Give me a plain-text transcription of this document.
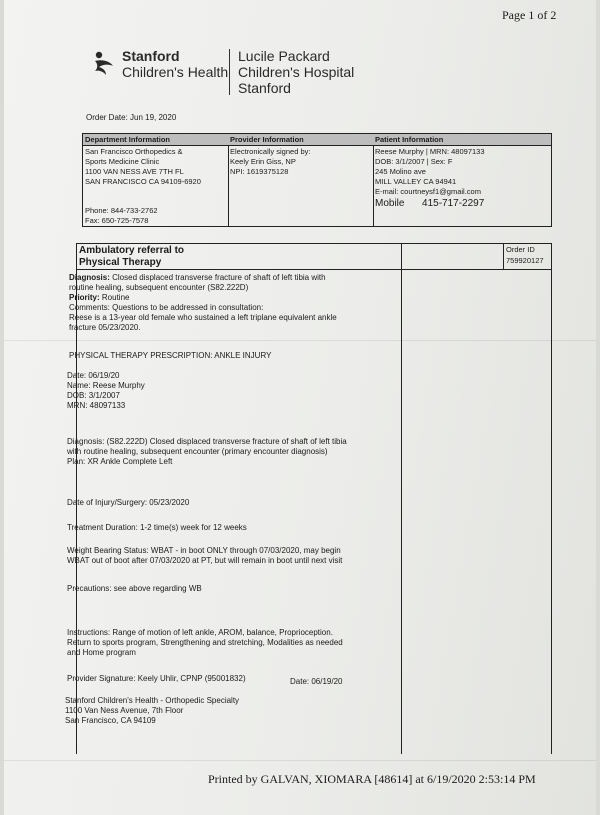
Page 1 of 2
Stanford
Children's Health
Lucile Packard
Children's Hospital
Stanford
Order Date: Jun 19, 2020
Department Information
San Francisco Orthopedics &
Sports Medicine Clinic
1100 VAN NESS AVE 7TH FL
SAN FRANCISCO CA 94109-6920
Phone: 844-733-2762
Fax: 650-725-7578
Provider Information
Electronically signed by:
Keely Erin Giss, NP
NPI: 1619375128
Patient Information
Reese Murphy | MRN: 48097133
DOB: 3/1/2007 | Sex: F
245 Molino ave
MILL VALLEY CA 94941
E-mail: courtneysf1@gmail.com
Mobile 415-717-2297
Ambulatory referral to
Physical Therapy
Order ID
759920127
Diagnosis: Closed displaced transverse fracture of shaft of left tibia with
routine healing, subsequent encounter (S82.222D)
Priority: Routine
Comments: Questions to be addressed in consultation:
Reese is a 13-year old female who sustained a left triplane equivalent ankle
fracture 05/23/2020.
PHYSICAL THERAPY PRESCRIPTION: ANKLE INJURY
Date: 06/19/20
Name: Reese Murphy
DOB: 3/1/2007
MRN: 48097133
Diagnosis: (S82.222D) Closed displaced transverse fracture of shaft of left tibia
with routine healing, subsequent encounter (primary encounter diagnosis)
Plan: XR Ankle Complete Left
Date of Injury/Surgery: 05/23/2020
Treatment Duration: 1-2 time(s) week for 12 weeks
Weight Bearing Status: WBAT - in boot ONLY through 07/03/2020, may begin
WBAT out of boot after 07/03/2020 at PT, but will remain in boot until next visit
Precautions: see above regarding WB
Instructions: Range of motion of left ankle, AROM, balance, Proprioception.
Return to sports program, Strengthening and stretching, Modalities as needed
and Home program
Provider Signature: Keely Uhlir, CPNP (95001832)	Date: 06/19/20
Stanford Children's Health - Orthopedic Specialty
1100 Van Ness Avenue, 7th Floor
San Francisco, CA 94109
Printed by GALVAN, XIOMARA [48614] at 6/19/2020 2:53:14 PM
